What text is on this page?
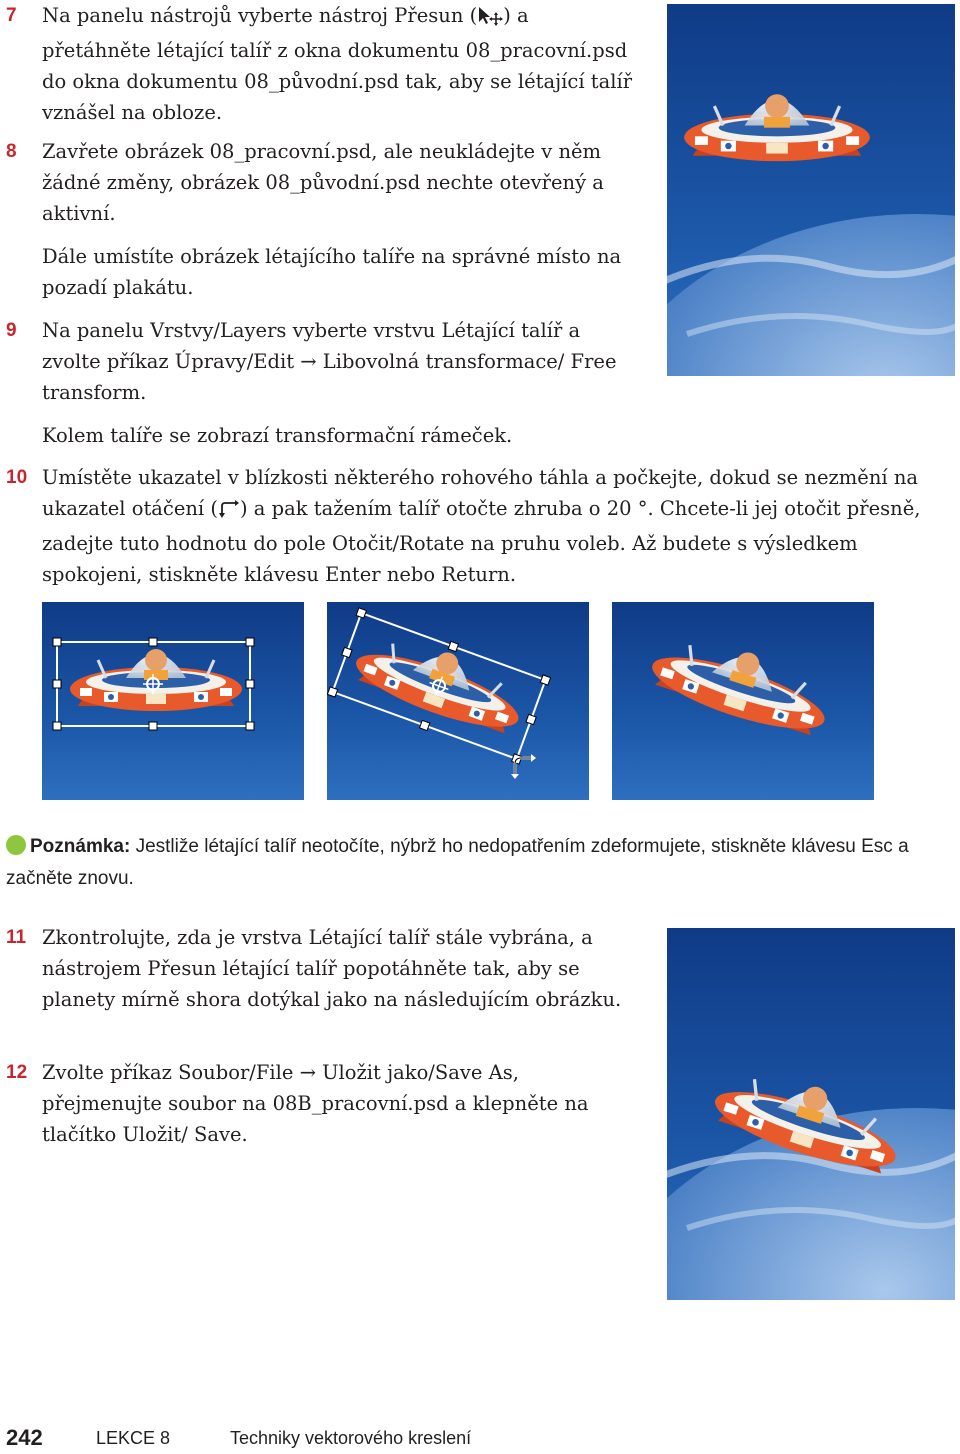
7 Na panelu nástrojů vyberte nástroj Přesun ( ) a přetáhněte létající talíř z okna dokumentu 08_pracovní.psd do okna dokumentu 08_původní.psd tak, aby se létající talíř vznášel na obloze.
8 Zavřete obrázek 08_pracovní.psd, ale neukládejte v něm žádné změny, obrázek 08_původní.psd nechte otevřený a aktivní.
Dále umístíte obrázek létajícího talíře na správné místo na pozadí plakátu.
9 Na panelu Vrstvy/Layers vyberte vrstvu Létající talíř a zvolte příkaz Úpravy/Edit → Libovolná transformace/ Free transform.
Kolem talíře se zobrazí transformační rámeček.
10 Umístěte ukazatel v blízkosti některého rohového táhla a počkejte, dokud se nezmění na ukazatel otáčení ( ) a pak tažením talíř otočte zhruba o 20 °. Chcete-li jej otočit přesně, zadejte tuto hodnotu do pole Otočit/Rotate na pruhu voleb. Až budete s výsledkem spokojeni, stiskněte klávesu Enter nebo Return.
Poznámka: Jestliže létající talíř neotočíte, nýbrž ho nedopatřením zdeformujete, stiskněte klávesu Esc a začněte znovu.
11 Zkontrolujte, zda je vrstva Létající talíř stále vybrána, a nástrojem Přesun létající talíř popotáhněte tak, aby se planety mírně shora dotýkal jako na následujícím obrázku.
12 Zvolte příkaz Soubor/File → Uložit jako/Save As, přejmenujte soubor na 08B_pracovní.psd a klepněte na tlačítko Uložit/ Save.
242	LEKCE 8	Techniky vektorového kreslení
